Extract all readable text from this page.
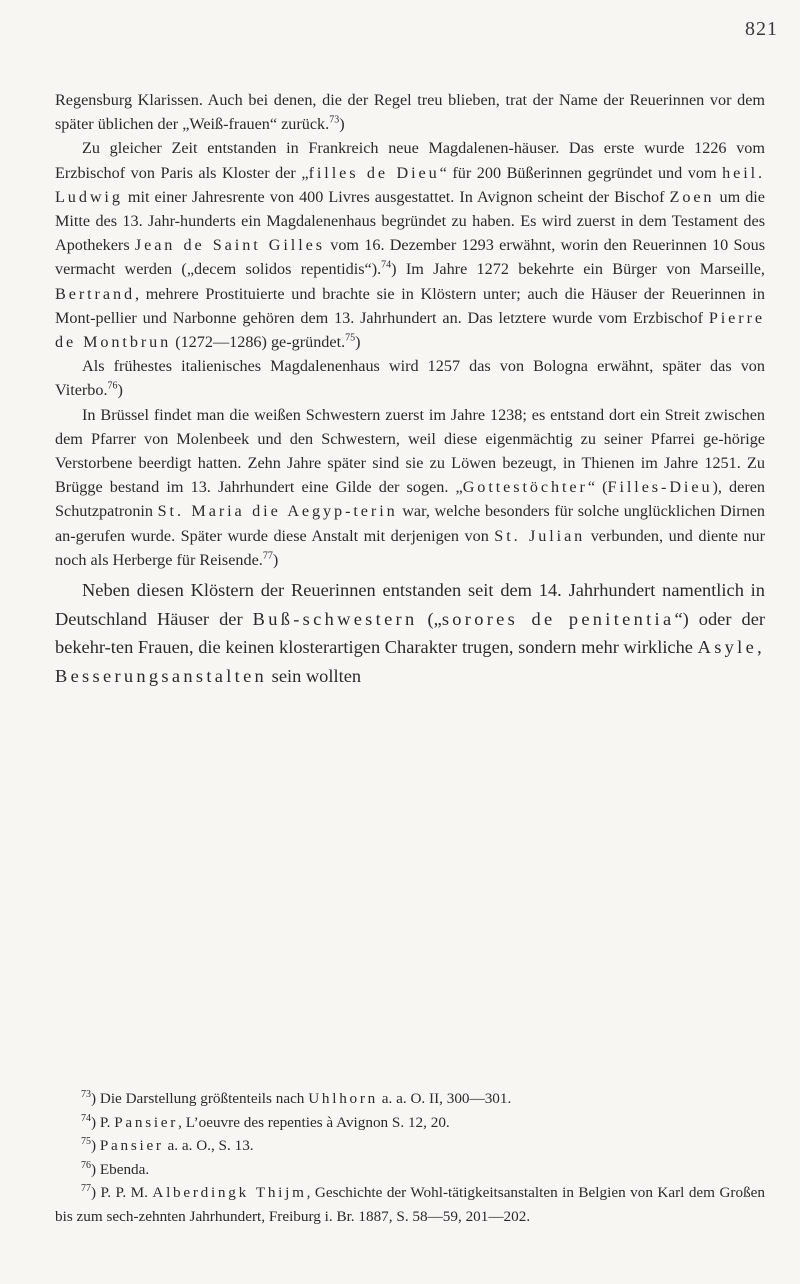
821

Regensburg Klarissen. Auch bei denen, die der Regel treu blieben, trat der Name der Reuerinnen vor dem später üblichen der „Weiß-frauen“ zurück.$^{73}$)

Zu gleicher Zeit entstanden in Frankreich neue Magdalenen-häuser. Das erste wurde 1226 vom Erzbischof von Paris als Kloster der „filles de Dieu“ für 200 Büßerinnen gegründet und vom heil. Ludwig mit einer Jahresrente von 400 Livres ausgestattet. In Avignon scheint der Bischof Zoen um die Mitte des 13. Jahr-hunderts ein Magdalenenhaus begründet zu haben. Es wird zuerst in dem Testament des Apothekers Jean de Saint Gilles vom 16. Dezember 1293 erwähnt, worin den Reuerinnen 10 Sous vermacht werden („decem solidos repentidis“).$^{74}$) Im Jahre 1272 bekehrte ein Bürger von Marseille, Bertrand, mehrere Prostituierte und brachte sie in Klöstern unter; auch die Häuser der Reuerinnen in Mont-pellier und Narbonne gehören dem 13. Jahrhundert an. Das letztere wurde vom Erzbischof Pierre de Montbrun (1272—1286) ge-gründet.$^{75}$)

Als frühestes italienisches Magdalenenhaus wird 1257 das von Bologna erwähnt, später das von Viterbo.$^{76}$)

In Brüssel findet man die weißen Schwestern zuerst im Jahre 1238; es entstand dort ein Streit zwischen dem Pfarrer von Molenbeek und den Schwestern, weil diese eigenmächtig zu seiner Pfarrei ge-hörige Verstorbene beerdigt hatten. Zehn Jahre später sind sie zu Löwen bezeugt, in Thienen im Jahre 1251. Zu Brügge bestand im 13. Jahrhundert eine Gilde der sogen. „Gottestöchter“ (Filles-Dieu), deren Schutzpatronin St. Maria die Aegyp-terin war, welche besonders für solche unglücklichen Dirnen an-gerufen wurde. Später wurde diese Anstalt mit derjenigen von St. Julian verbunden, und diente nur noch als Herberge für Reisende.$^{77}$)

Neben diesen Klöstern der Reuerinnen entstanden seit dem 14. Jahrhundert namentlich in Deutschland Häuser der Buß-schwestern („sorores de penitentia“) oder der bekehr-ten Frauen, die keinen klosterartigen Charakter trugen, sondern mehr wirkliche Asyle, Besserungsanstalten sein wollten

$^{73}$) Die Darstellung größtenteils nach Uhlhorn a. a. O. II, 300—301.

$^{74}$) P. Pansier, L’oeuvre des repenties à Avignon S. 12, 20.

$^{75}$) Pansier a. a. O., S. 13.

$^{76}$) Ebenda.

$^{77}$) P. P. M. Alberdingk Thijm, Geschichte der Wohl-tätigkeitsanstalten in Belgien von Karl dem Großen bis zum sech-zehnten Jahrhundert, Freiburg i. Br. 1887, S. 58—59, 201—202.
